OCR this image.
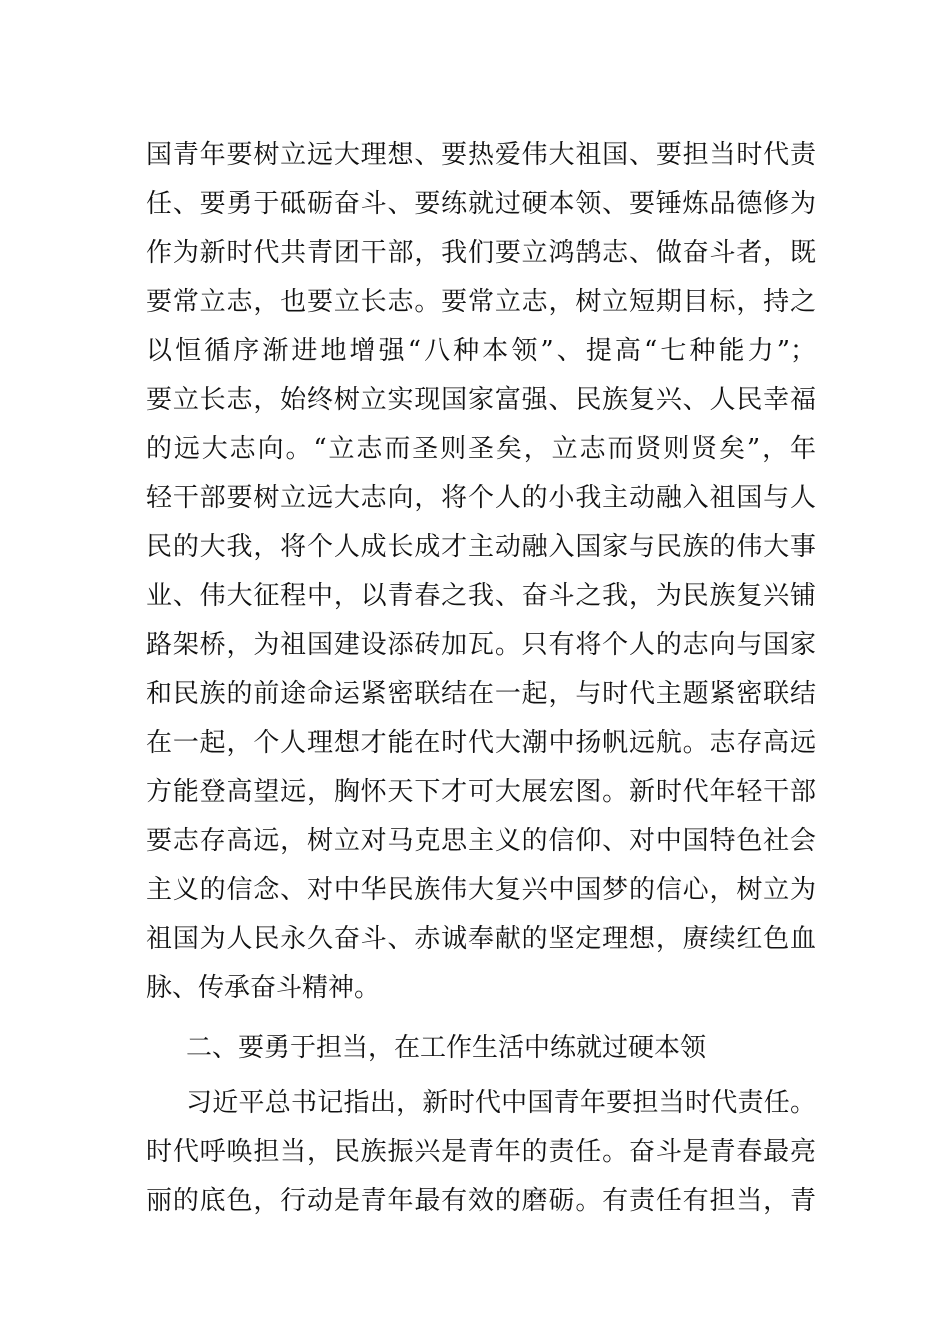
国青年要树立远大理想、要热爱伟大祖国、要担当时代责
任、要勇于砥砺奋斗、要练就过硬本领、要锤炼品德修为
作为新时代共青团干部，我们要立鸿鹄志、做奋斗者，既
要常立志，也要立长志。要常立志，树立短期目标，持之
以恒循序渐进地增强“八种本领”、提高“七种能力”；
要立长志，始终树立实现国家富强、民族复兴、人民幸福
的远大志向。“立志而圣则圣矣，立志而贤则贤矣”，年
轻干部要树立远大志向，将个人的小我主动融入祖国与人
民的大我，将个人成长成才主动融入国家与民族的伟大事
业、伟大征程中，以青春之我、奋斗之我，为民族复兴铺
路架桥，为祖国建设添砖加瓦。只有将个人的志向与国家
和民族的前途命运紧密联结在一起，与时代主题紧密联结
在一起，个人理想才能在时代大潮中扬帆远航。志存高远
方能登高望远，胸怀天下才可大展宏图。新时代年轻干部
要志存高远，树立对马克思主义的信仰、对中国特色社会
主义的信念、对中华民族伟大复兴中国梦的信心，树立为
祖国为人民永久奋斗、赤诚奉献的坚定理想，赓续红色血
脉、传承奋斗精神。
二、要勇于担当，在工作生活中练就过硬本领
习近平总书记指出，新时代中国青年要担当时代责任。
时代呼唤担当，民族振兴是青年的责任。奋斗是青春最亮
丽的底色，行动是青年最有效的磨砺。有责任有担当，青
